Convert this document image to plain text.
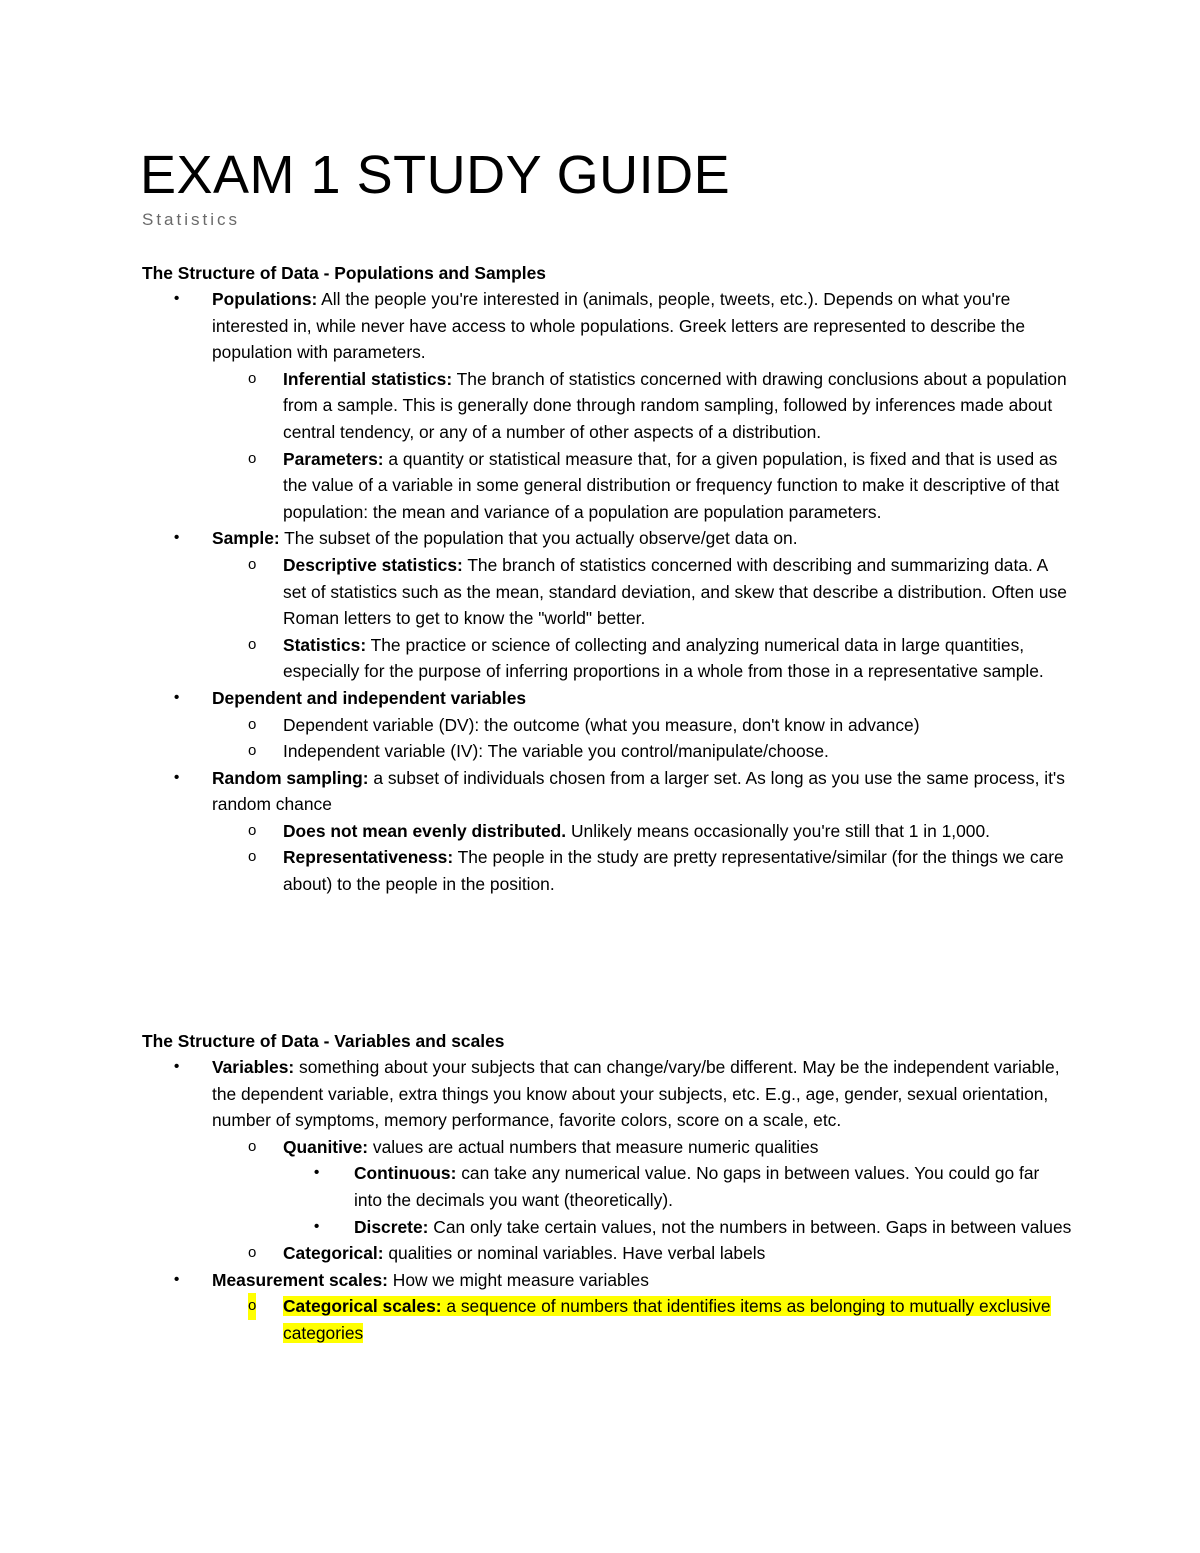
EXAM 1 STUDY GUIDE
Statistics
The Structure of Data - Populations and Samples
• Populations: All the people you're interested in (animals, people, tweets, etc.). Depends on what you're interested in, while never have access to whole populations. Greek letters are represented to describe the population with parameters.
o Inferential statistics: The branch of statistics concerned with drawing conclusions about a population from a sample. This is generally done through random sampling, followed by inferences made about central tendency, or any of a number of other aspects of a distribution.
o Parameters: a quantity or statistical measure that, for a given population, is fixed and that is used as the value of a variable in some general distribution or frequency function to make it descriptive of that population: the mean and variance of a population are population parameters.
• Sample: The subset of the population that you actually observe/get data on.
o Descriptive statistics: The branch of statistics concerned with describing and summarizing data. A set of statistics such as the mean, standard deviation, and skew that describe a distribution. Often use Roman letters to get to know the "world" better.
o Statistics: The practice or science of collecting and analyzing numerical data in large quantities, especially for the purpose of inferring proportions in a whole from those in a representative sample.
• Dependent and independent variables
o Dependent variable (DV): the outcome (what you measure, don't know in advance)
o Independent variable (IV): The variable you control/manipulate/choose.
• Random sampling: a subset of individuals chosen from a larger set. As long as you use the same process, it's random chance
o Does not mean evenly distributed. Unlikely means occasionally you're still that 1 in 1,000.
o Representativeness: The people in the study are pretty representative/similar (for the things we care about) to the people in the position.
The Structure of Data - Variables and scales
• Variables: something about your subjects that can change/vary/be different. May be the independent variable, the dependent variable, extra things you know about your subjects, etc. E.g., age, gender, sexual orientation, number of symptoms, memory performance, favorite colors, score on a scale, etc.
o Quanitive: values are actual numbers that measure numeric qualities
• Continuous: can take any numerical value. No gaps in between values. You could go far into the decimals you want (theoretically).
• Discrete: Can only take certain values, not the numbers in between. Gaps in between values
o Categorical: qualities or nominal variables. Have verbal labels
• Measurement scales: How we might measure variables
o Categorical scales: a sequence of numbers that identifies items as belonging to mutually exclusive categories
